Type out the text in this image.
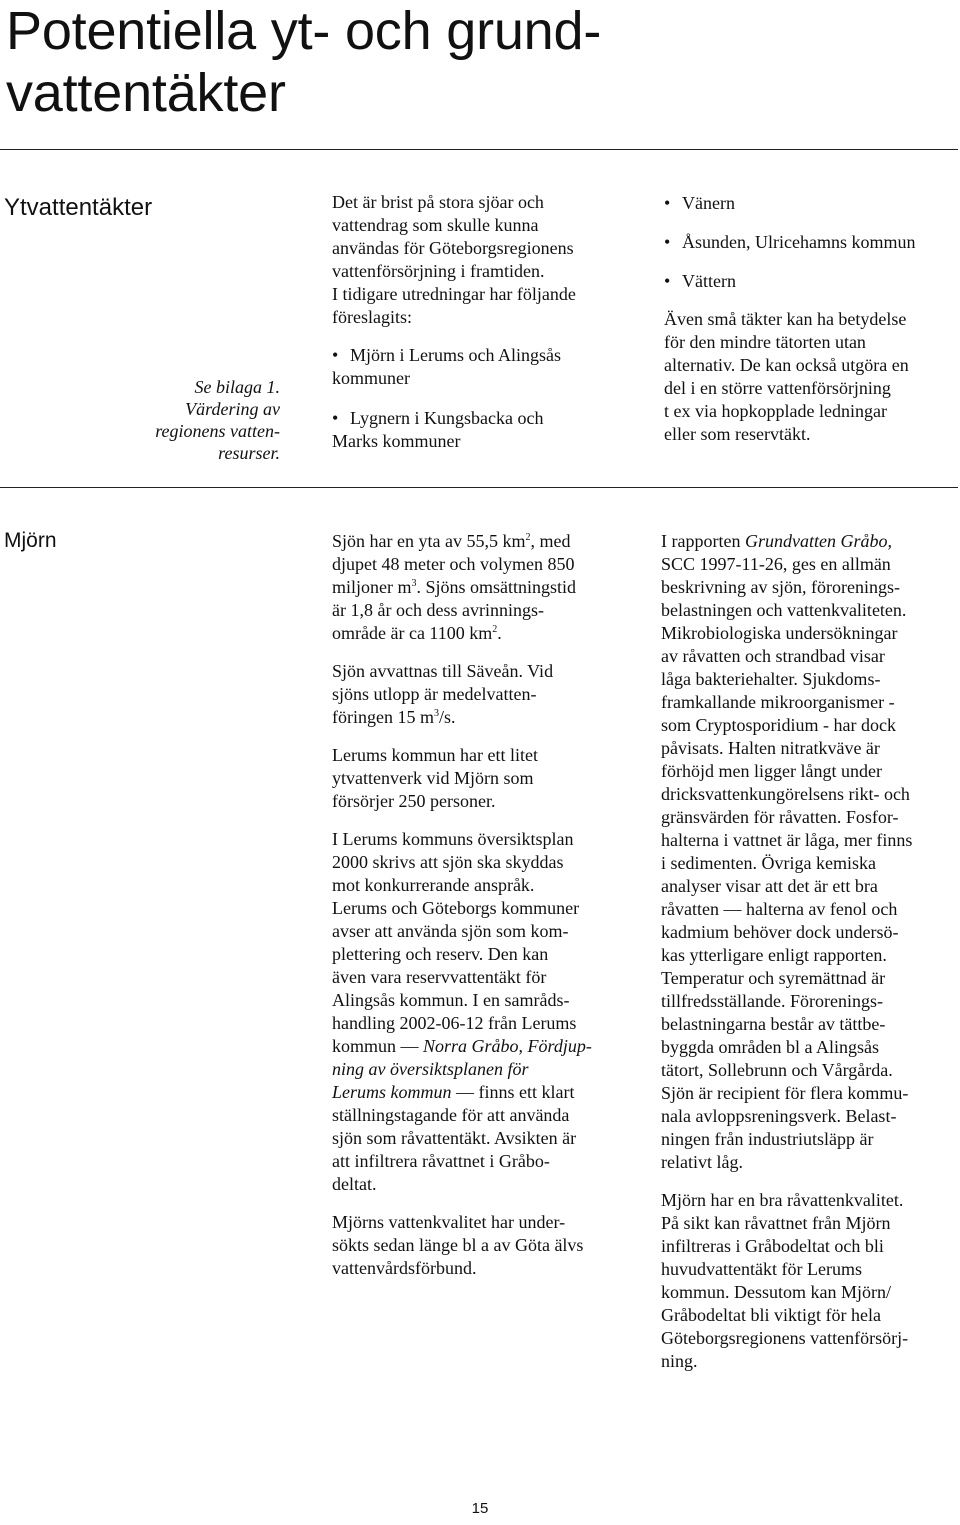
Potentiella yt- och grund-
vattentäkter
Ytvattentäkter
Se bilaga 1.
Värdering av
regionens vatten-
resurser.

Det är brist på stora sjöar och
vattendrag som skulle kunna
användas för Göteborgsregionens
vattenförsörjning i framtiden.
I tidigare utredningar har följande
föreslagits:

• Mjörn i Lerums och Alingsås
kommuner

• Lygnern i Kungsbacka och
Marks kommuner

• Vänern

• Åsunden, Ulricehamns kommun

• Vättern

Även små täkter kan ha betydelse
för den mindre tätorten utan
alternativ. De kan också utgöra en
del i en större vattenförsörjning
t ex via hopkopplade ledningar
eller som reservtäkt.

Mjörn	Sjön har en yta av 55,5 $km^2$, med
djupet 48 meter och volymen 850
miljoner $m^3$. Sjöns omsättningstid
är 1,8 år och dess avrinnings-
område är ca 1100 $km^2$.

Sjön avvattnas till Säveån. Vid
sjöns utlopp är medelvatten-
föringen 15 $m^3/s$.

Lerums kommun har ett litet
ytvattenverk vid Mjörn som
försörjer 250 personer.

I Lerums kommuns översiktsplan
2000 skrivs att sjön ska skyddas
mot konkurrerande anspråk.
Lerums och Göteborgs kommuner
avser att använda sjön som kom-
plettering och reserv. Den kan
även vara reservvattentäkt för
Alingsås kommun. I en samråds-
handling 2002-06-12 från Lerums
kommun — Norra Gråbo, Fördjup-
ning av översiktsplanen för
Lerums kommun — finns ett klart
ställningstagande för att använda
sjön som råvattentäkt. Avsikten är
att infiltrera råvattnet i Gråbo-
deltat.

Mjörns vattenkvalitet har under-
sökts sedan länge bl a av Göta älvs
vattenvårdsförbund.

I rapporten Grundvatten Gråbo,
SCC 1997-11-26, ges en allmän
beskrivning av sjön, förorenings-
belastningen och vattenkvaliteten.
Mikrobiologiska undersökningar
av råvatten och strandbad visar
låga bakteriehalter. Sjukdoms-
framkallande mikroorganismer -
som Cryptosporidium - har dock
påvisats. Halten nitratkväve är
förhöjd men ligger långt under
dricksvattenkungörelsens rikt- och
gränsvärden för råvatten. Fosfor-
halterna i vattnet är låga, mer finns
i sedimenten. Övriga kemiska
analyser visar att det är ett bra
råvatten — halterna av fenol och
kadmium behöver dock undersö-
kas ytterligare enligt rapporten.
Temperatur och syremättnad är
tillfredsställande. Förorenings-
belastningarna består av tättbe-
byggda områden bl a Alingsås
tätort, Sollebrunn och Vårgårda.
Sjön är recipient för flera kommu-
nala avloppsreningsverk. Belast-
ningen från industriutsläpp är
relativt låg.

Mjörn har en bra råvattenkvalitet.
På sikt kan råvattnet från Mjörn
infiltreras i Gråbodeltat och bli
huvudvattentäkt för Lerums
kommun. Dessutom kan Mjörn/
Gråbodeltat bli viktigt för hela
Göteborgsregionens vattenförsörj-
ning.

15
